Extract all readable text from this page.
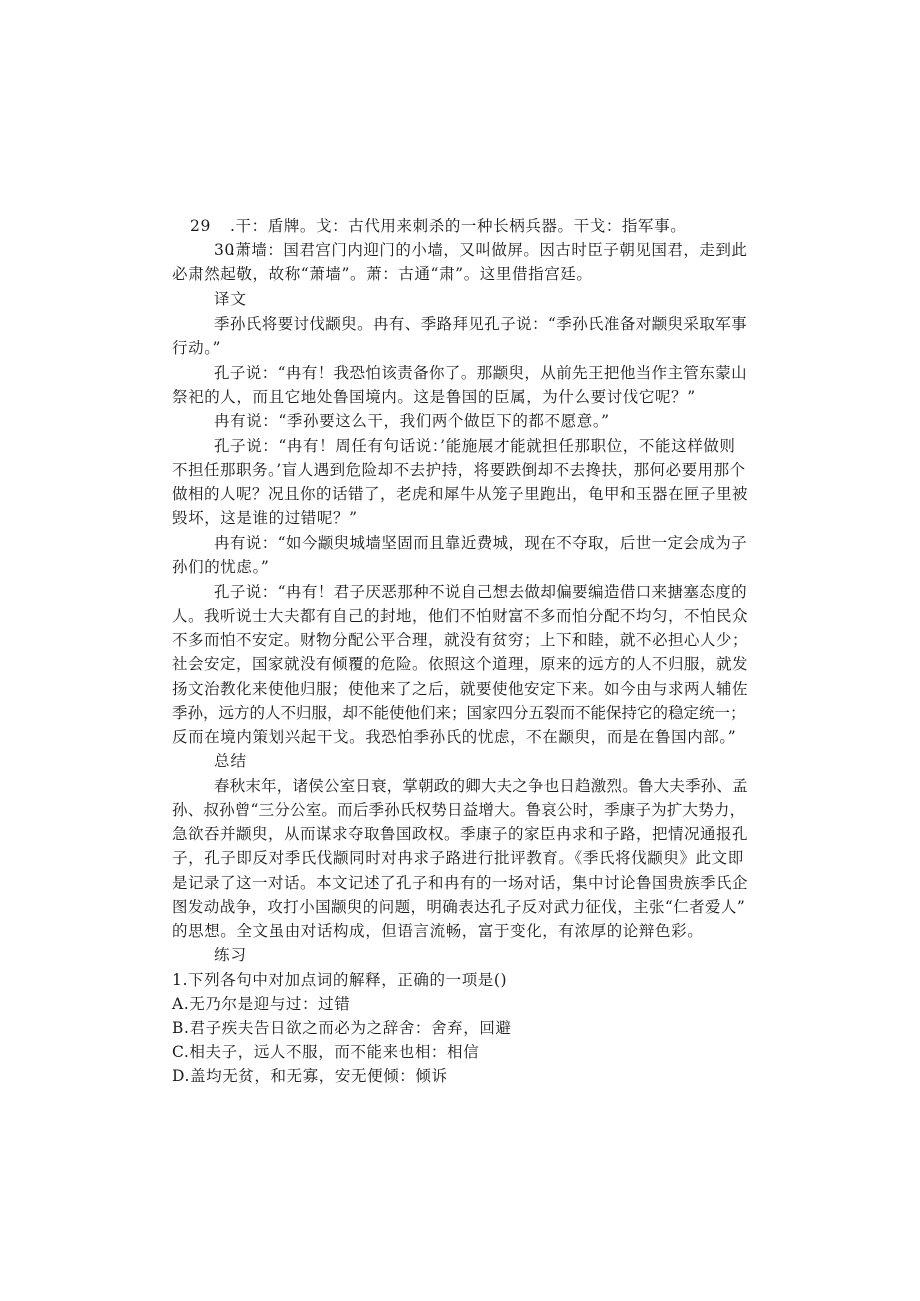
29 .干：盾牌。戈：古代用来刺杀的一种长柄兵器。干戈：指军事。
30.萧墙：国君宫门内迎门的小墙，又叫做屏。因古时臣子朝见国君，走到此
必肃然起敬，故称“萧墙”。萧：古通“肃”。这里借指宫廷。
译文
季孙氏将要讨伐颛臾。冉有、季路拜见孔子说：“季孙氏准备对颛臾采取军事
行动。”
孔子说：“冉有！我恐怕该责备你了。那颛臾，从前先王把他当作主管东蒙山
祭祀的人，而且它地处鲁国境内。这是鲁国的臣属，为什么要讨伐它呢？”
冉有说：“季孙要这么干，我们两个做臣下的都不愿意。”
孔子说：“冉有！周任有句话说：’能施展才能就担任那职位，不能这样做则
不担任那职务。’盲人遇到危险却不去护持，将要跌倒却不去搀扶，那何必要用那个
做相的人呢？况且你的话错了，老虎和犀牛从笼子里跑出，龟甲和玉器在匣子里被
毁坏，这是谁的过错呢？”
冉有说：“如今颛臾城墙坚固而且靠近费城，现在不夺取，后世一定会成为子
孙们的忧虑。”
孔子说：“冉有！君子厌恶那种不说自己想去做却偏要编造借口来搪塞态度的
人。我听说士大夫都有自己的封地，他们不怕财富不多而怕分配不均匀，不怕民众
不多而怕不安定。财物分配公平合理，就没有贫穷；上下和睦，就不必担心人少；
社会安定，国家就没有倾覆的危险。依照这个道理，原来的远方的人不归服，就发
扬文治教化来使他归服；使他来了之后，就要使他安定下来。如今由与求两人辅佐
季孙，远方的人不归服，却不能使他们来；国家四分五裂而不能保持它的稳定统一；
反而在境内策划兴起干戈。我恐怕季孙氏的忧虑，不在颛臾，而是在鲁国内部。”
总结
春秋末年，诸侯公室日衰，掌朝政的卿大夫之争也日趋激烈。鲁大夫季孙、孟
孙、叔孙曾“三分公室。而后季孙氏权势日益增大。鲁哀公时，季康子为扩大势力，
急欲吞并颛臾，从而谋求夺取鲁国政权。季康子的家臣冉求和子路，把情况通报孔
子，孔子即反对季氏伐颛同时对冉求子路进行批评教育。《季氏将伐颛臾》此文即
是记录了这一对话。本文记述了孔子和冉有的一场对话，集中讨论鲁国贵族季氏企
图发动战争，攻打小国颛臾的问题，明确表达孔子反对武力征伐，主张“仁者爱人”
的思想。全文虽由对话构成，但语言流畅，富于变化，有浓厚的论辩色彩。
练习
1.下列各句中对加点词的解释，正确的一项是()
A.无乃尔是迎与过：过错
B.君子疾夫告日欲之而必为之辞舍：舍弃，回避
C.相夫子，远人不服，而不能来也相：相信
D.盖均无贫，和无寡，安无便倾：倾诉
